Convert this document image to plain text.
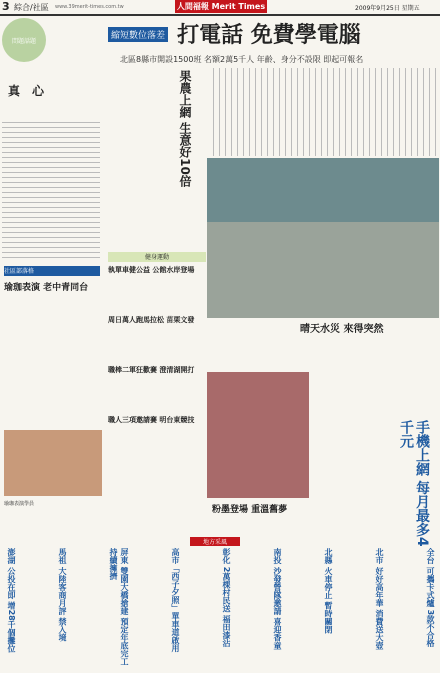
3 綜合/社區 www.39merit-times.com.tw	人間福報 Merit Times	2009年9月25日 星期五
問題話題
真　心
縮短數位落差 打電話 免費學電腦
北區8縣市開設1500班 名額2萬5千人 年齡、身分不設限 即起可報名
果農上網 生意好10倍
晴天水災 來得突然
健身運動
執單車健公益 公館水岸登場
周日萬人跑馬拉松 苗栗文發
職棒二軍狂歡賽 澄清湖開打
職人三項邀請賽 明台東競技
社區部落格
瑜珈表演 老中青同台
瑜珈表演學員
粉墨登場 重溫舊夢	手機上網 每月最多4千元
地方采風
澎湖 公投在即 增28千個攤位	馬祖 大陸客商月評 禁入境	屏東 雙園大橋搶建 預定年底完工 持續擁擠	高市「西子夕照」單車道啟用	彰化 2萬棵村民送 福田漆沾	南投 沙發營隊邀請 喜迎香童	北縣 火車停止 暫時關閉	北市 好好高年華 消費送大壺	全台 可攜卡式爐 3款不合格
